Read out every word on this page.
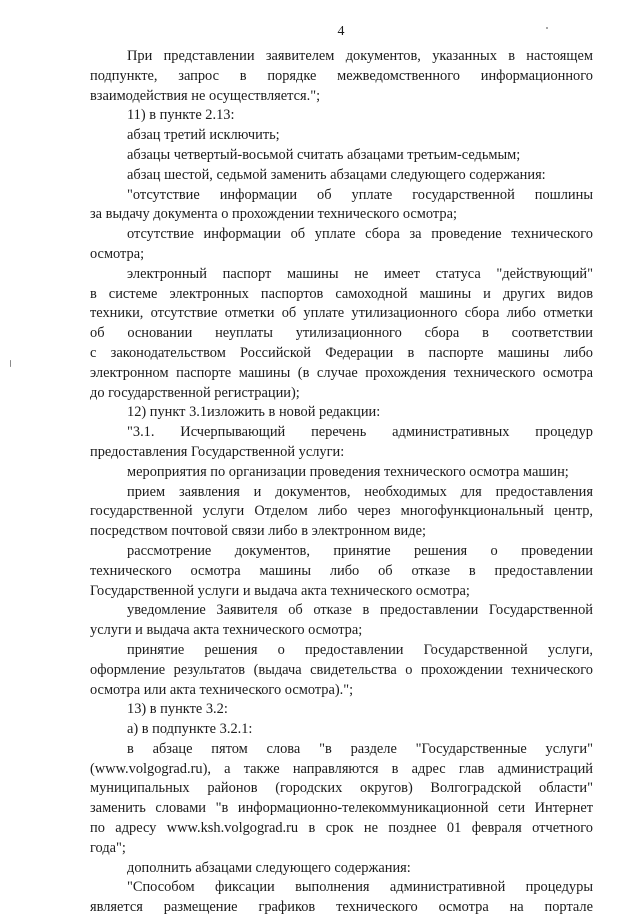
4
При представлении заявителем документов, указанных в настоящем
подпункте, запрос в порядке межведомственного информационного
взаимодействия не осуществляется.";
11) в пункте 2.13:
абзац третий исключить;
абзацы четвертый-восьмой считать абзацами третьим-седьмым;
абзац шестой, седьмой заменить абзацами следующего содержания:
"отсутствие информации об уплате государственной пошлины
за выдачу документа о прохождении технического осмотра;
отсутствие информации об уплате сбора за проведение технического
осмотра;
электронный паспорт машины не имеет статуса "действующий"
в системе электронных паспортов самоходной машины и других видов
техники, отсутствие отметки об уплате утилизационного сбора либо отметки
об основании неуплаты утилизационного сбора в соответствии
с законодательством Российской Федерации в паспорте машины либо
электронном паспорте машины (в случае прохождения технического осмотра
до государственной регистрации);
12) пункт 3.1изложить в новой редакции:
"3.1. Исчерпывающий перечень административных процедур
предоставления Государственной услуги:
мероприятия по организации проведения технического осмотра машин;
прием заявления и документов, необходимых для предоставления
государственной услуги Отделом либо через многофункциональный центр,
посредством почтовой связи либо в электронном виде;
рассмотрение документов, принятие решения о проведении
технического осмотра машины либо об отказе в предоставлении
Государственной услуги и выдача акта технического осмотра;
уведомление Заявителя об отказе в предоставлении Государственной
услуги и выдача акта технического осмотра;
принятие решения о предоставлении Государственной услуги,
оформление результатов (выдача свидетельства о прохождении технического
осмотра или акта технического осмотра).";
13) в пункте 3.2:
а) в подпункте 3.2.1:
в абзаце пятом слова "в разделе "Государственные услуги"
(www.volgograd.ru), а также направляются в адрес глав администраций
муниципальных районов (городских округов) Волгоградской области"
заменить словами "в информационно-телекоммуникационной сети Интернет
по адресу www.ksh.volgograd.ru в срок не позднее 01 февраля отчетного
года";
дополнить абзацами следующего содержания:
"Способом фиксации выполнения административной процедуры
является размещение графиков технического осмотра на портале
